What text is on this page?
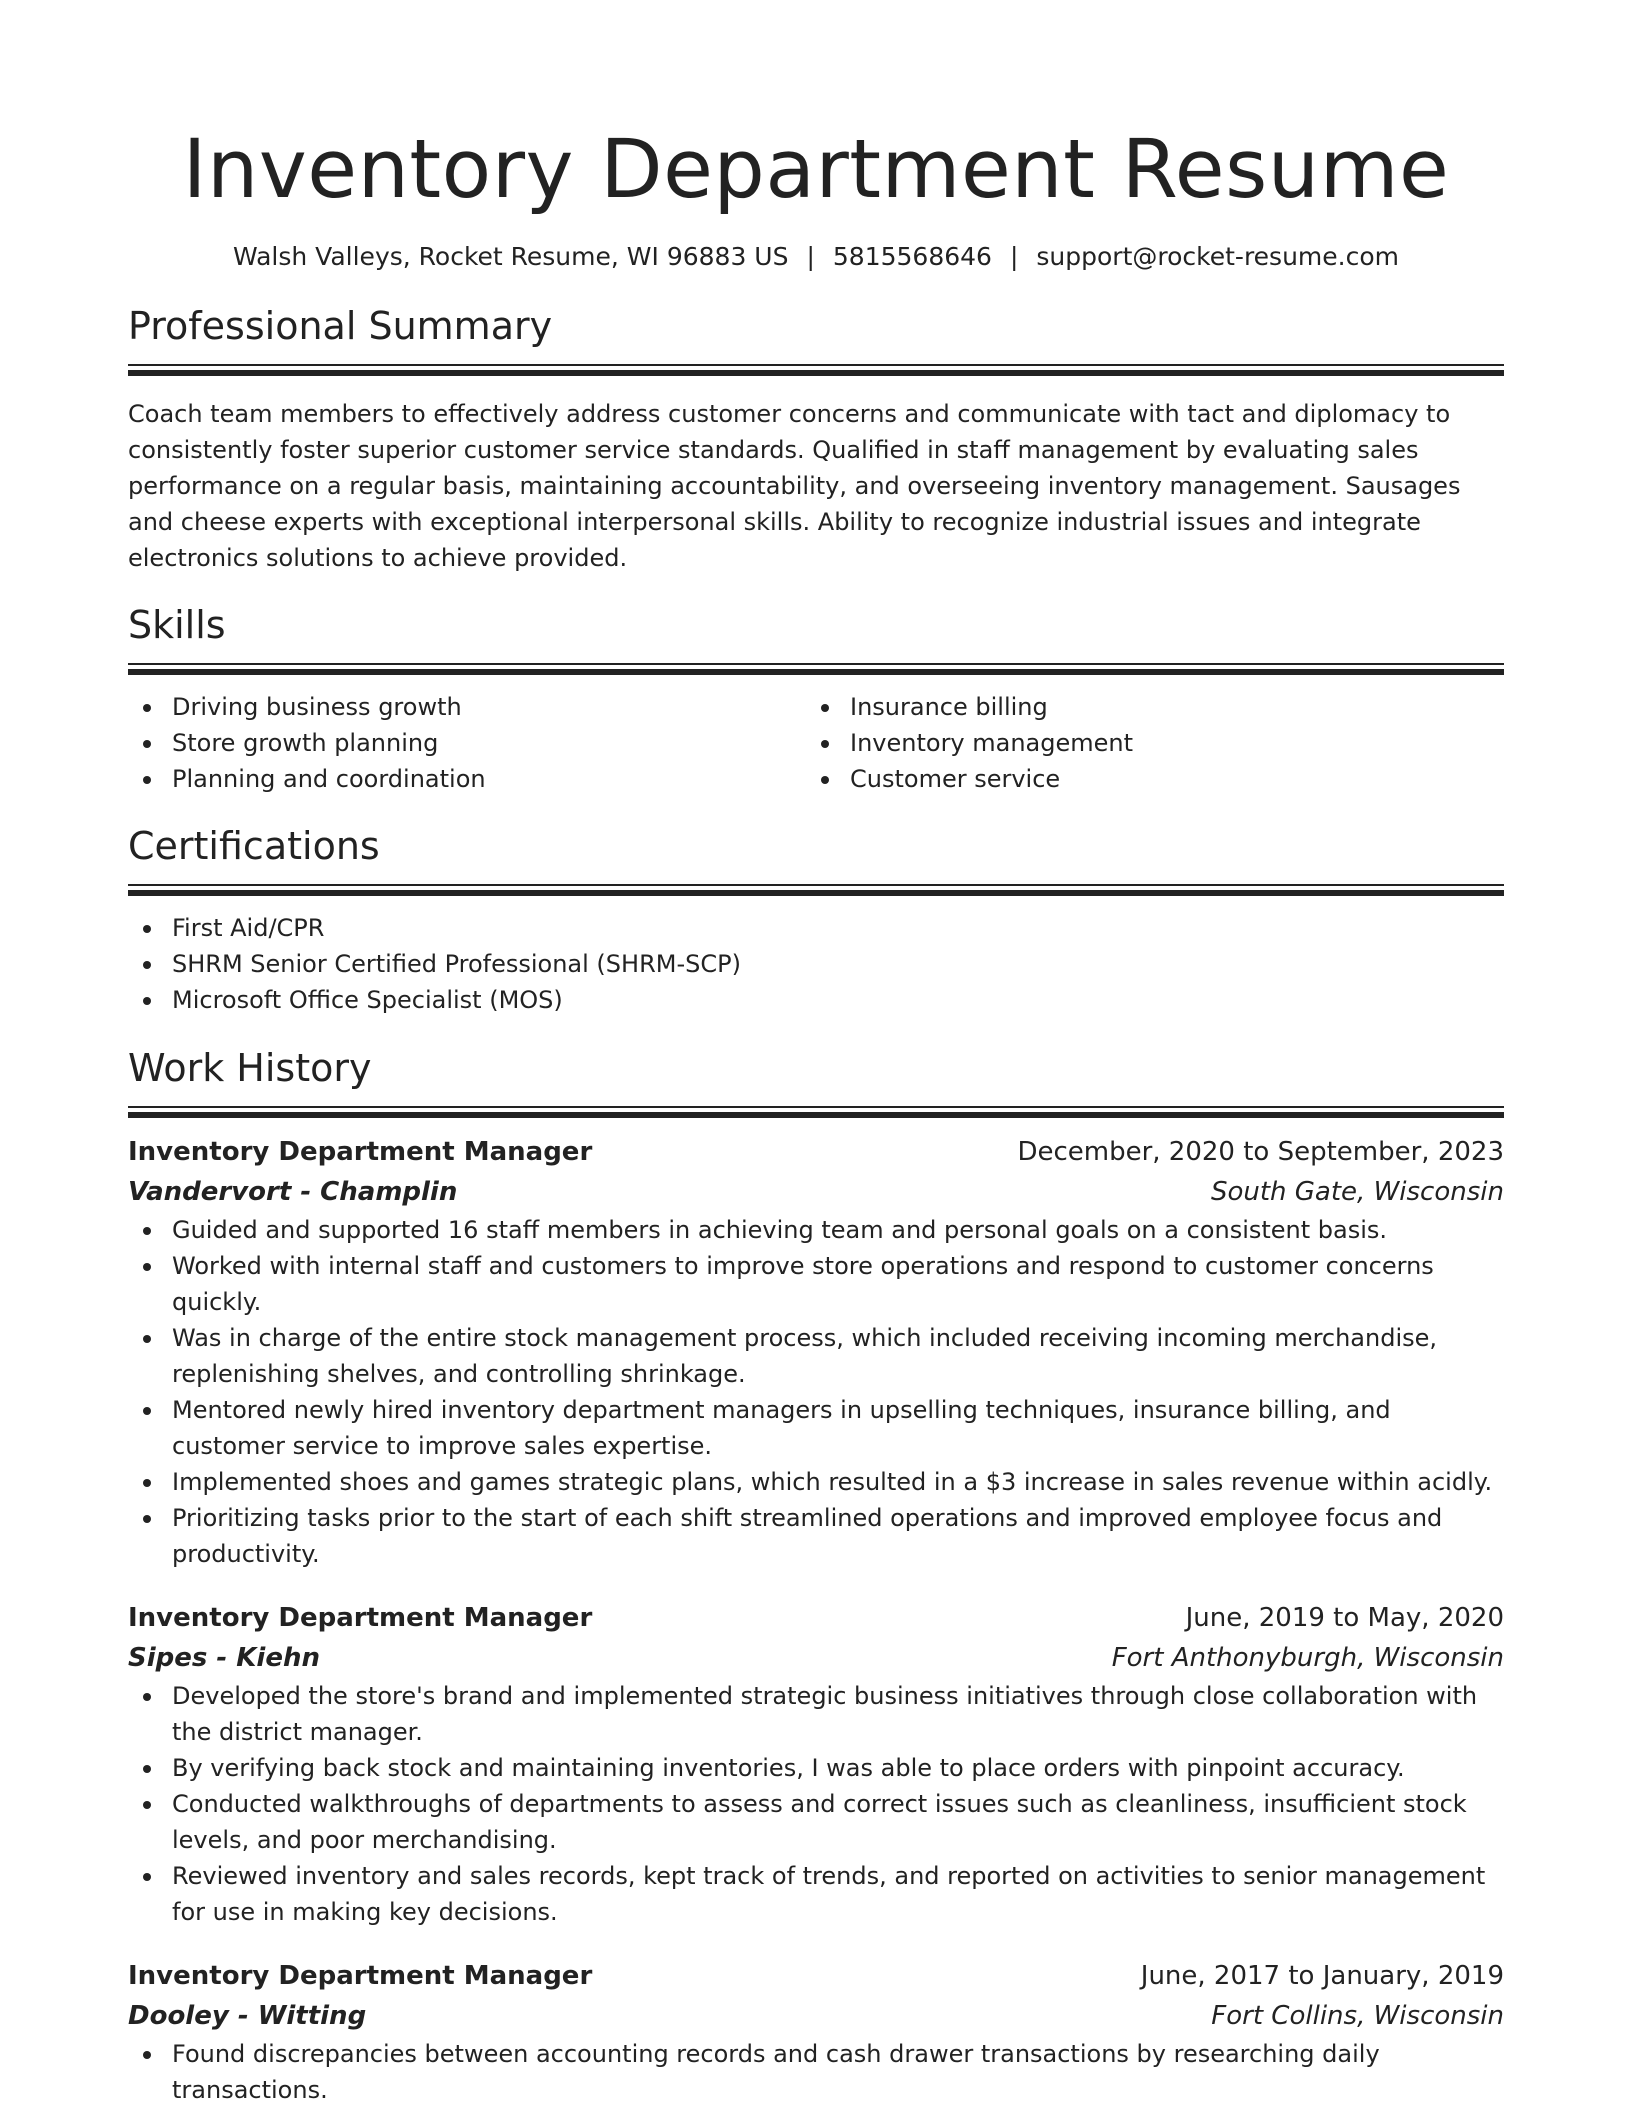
Inventory Department Resume
Walsh Valleys, Rocket Resume, WI 96883 US | 5815568646 | support@rocket-resume.com
Professional Summary

Coach team members to effectively address customer concerns and communicate with tact and diplomacy to consistently foster superior customer service standards. Qualified in staff management by evaluating sales performance on a regular basis, maintaining accountability, and overseeing inventory management. Sausages and cheese experts with exceptional interpersonal skills. Ability to recognize industrial issues and integrate electronics solutions to achieve provided.

Skills
Driving business growth
Store growth planning
Planning and coordination
Insurance billing
Inventory management
Customer service
Certifications
First Aid/CPR
SHRM Senior Certified Professional (SHRM-SCP)
Microsoft Office Specialist (MOS)
Work History
Inventory Department Manager	December, 2020 to September, 2023
Vandervort - Champlin	South Gate, Wisconsin
Guided and supported 16 staff members in achieving team and personal goals on a consistent basis.
Worked with internal staff and customers to improve store operations and respond to customer concerns quickly.
Was in charge of the entire stock management process, which included receiving incoming merchandise, replenishing shelves, and controlling shrinkage.
Mentored newly hired inventory department managers in upselling techniques, insurance billing, and customer service to improve sales expertise.
Implemented shoes and games strategic plans, which resulted in a $3 increase in sales revenue within acidly.
Prioritizing tasks prior to the start of each shift streamlined operations and improved employee focus and productivity.
Inventory Department Manager	June, 2019 to May, 2020
Sipes - Kiehn	Fort Anthonyburgh, Wisconsin
Developed the store's brand and implemented strategic business initiatives through close collaboration with the district manager.
By verifying back stock and maintaining inventories, I was able to place orders with pinpoint accuracy.
Conducted walkthroughs of departments to assess and correct issues such as cleanliness, insufficient stock levels, and poor merchandising.
Reviewed inventory and sales records, kept track of trends, and reported on activities to senior management for use in making key decisions.
Inventory Department Manager	June, 2017 to January, 2019
Dooley - Witting	Fort Collins, Wisconsin
Found discrepancies between accounting records and cash drawer transactions by researching daily transactions.
